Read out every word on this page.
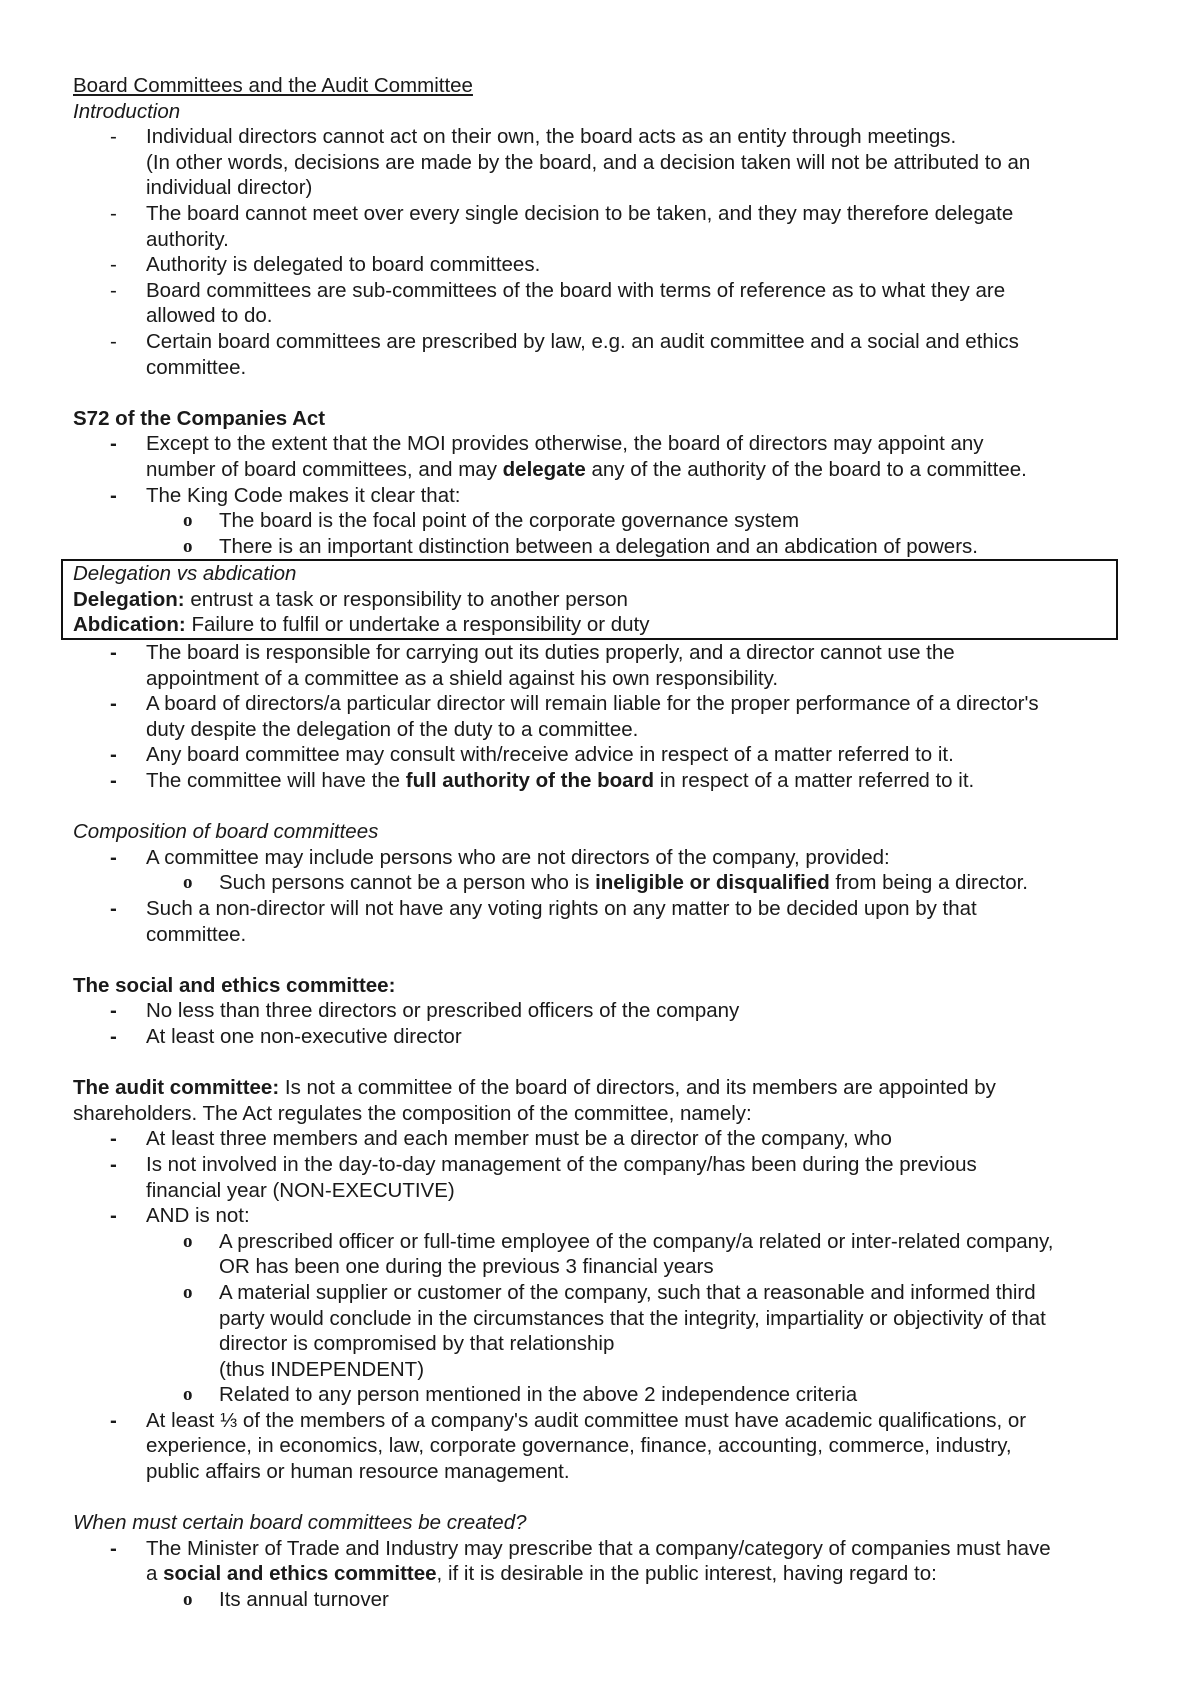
Board Committees and the Audit Committee
Introduction
- Individual directors cannot act on their own, the board acts as an entity through meetings.
(In other words, decisions are made by the board, and a decision taken will not be attributed to an
individual director)
- The board cannot meet over every single decision to be taken, and they may therefore delegate
authority.
- Authority is delegated to board committees.
- Board committees are sub-committees of the board with terms of reference as to what they are
allowed to do.
- Certain board committees are prescribed by law, e.g. an audit committee and a social and ethics
committee.
S72 of the Companies Act
- Except to the extent that the MOI provides otherwise, the board of directors may appoint any
number of board committees, and may delegate any of the authority of the board to a committee.
- The King Code makes it clear that:
o The board is the focal point of the corporate governance system
o There is an important distinction between a delegation and an abdication of powers.
Delegation vs abdication
Delegation: entrust a task or responsibility to another person
Abdication: Failure to fulfil or undertake a responsibility or duty
- The board is responsible for carrying out its duties properly, and a director cannot use the
appointment of a committee as a shield against his own responsibility.
- A board of directors/a particular director will remain liable for the proper performance of a director's
duty despite the delegation of the duty to a committee.
- Any board committee may consult with/receive advice in respect of a matter referred to it.
- The committee will have the full authority of the board in respect of a matter referred to it.
Composition of board committees
- A committee may include persons who are not directors of the company, provided:
o Such persons cannot be a person who is ineligible or disqualified from being a director.
- Such a non-director will not have any voting rights on any matter to be decided upon by that
committee.
The social and ethics committee:
- No less than three directors or prescribed officers of the company
- At least one non-executive director
The audit committee: Is not a committee of the board of directors, and its members are appointed by
shareholders. The Act regulates the composition of the committee, namely:
- At least three members and each member must be a director of the company, who
- Is not involved in the day-to-day management of the company/has been during the previous
financial year (NON-EXECUTIVE)
- AND is not:
o A prescribed officer or full-time employee of the company/a related or inter-related company,
OR has been one during the previous 3 financial years
o A material supplier or customer of the company, such that a reasonable and informed third
party would conclude in the circumstances that the integrity, impartiality or objectivity of that
director is compromised by that relationship
(thus INDEPENDENT)
o Related to any person mentioned in the above 2 independence criteria
- At least ⅓ of the members of a company's audit committee must have academic qualifications, or
experience, in economics, law, corporate governance, finance, accounting, commerce, industry,
public affairs or human resource management.
When must certain board committees be created?
- The Minister of Trade and Industry may prescribe that a company/category of companies must have
a social and ethics committee, if it is desirable in the public interest, having regard to:
o Its annual turnover
